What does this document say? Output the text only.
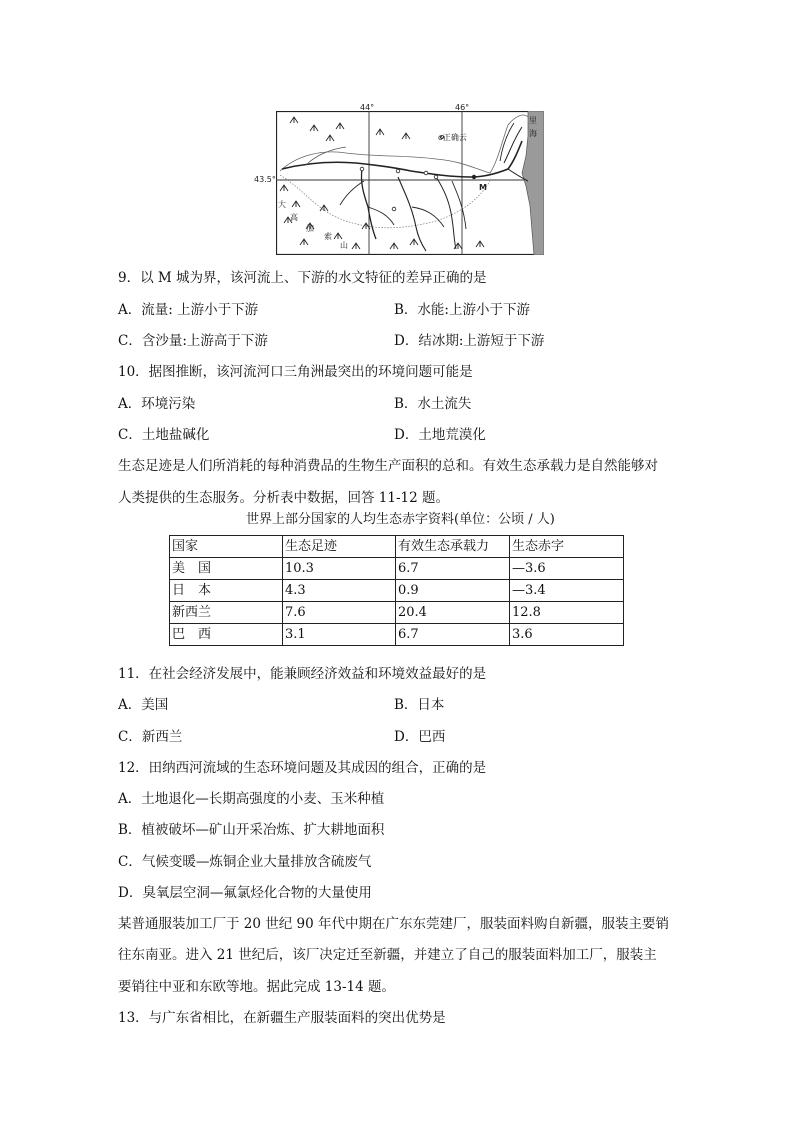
44°	46°
43.5°
里
海
o正确云
M
大
高
加
索
山
9．以 M 城为界，该河流上、下游的水文特征的差异正确的是
A．流量: 上游小于下游	B．水能:上游小于下游
C．含沙量:上游高于下游	D．结冰期:上游短于下游
10．据图推断，该河流河口三角洲最突出的环境问题可能是
A．环境污染	B．水土流失
C．土地盐碱化	D．土地荒漠化
生态足迹是人们所消耗的每种消费品的生物生产面积的总和。有效生态承载力是自然能够对
人类提供的生态服务。分析表中数据，回答 11-12 题。
世界上部分国家的人均生态赤字资料(单位：公顷 / 人)
国家	生态足迹	有效生态承载力	生态赤字
美　国	10.3	6.7	—3.6
日　本	4.3	0.9	—3.4
新西兰	7.6	20.4	12.8
巴　西	3.1	6.7	3.6
11．在社会经济发展中，能兼顾经济效益和环境效益最好的是
A．美国	B．日本
C．新西兰	D．巴西
12．田纳西河流域的生态环境问题及其成因的组合，正确的是
A．土地退化—长期高强度的小麦、玉米种植
B．植被破坏—矿山开采冶炼、扩大耕地面积
C．气候变暖—炼铜企业大量排放含硫废气
D．臭氧层空洞—氟氯烃化合物的大量使用
某普通服装加工厂于 20 世纪 90 年代中期在广东东莞建厂，服装面料购自新疆，服装主要销
往东南亚。进入 21 世纪后，该厂决定迁至新疆，并建立了自己的服装面料加工厂，服装主
要销往中亚和东欧等地。据此完成 13-14 题。
13．与广东省相比，在新疆生产服装面料的突出优势是
